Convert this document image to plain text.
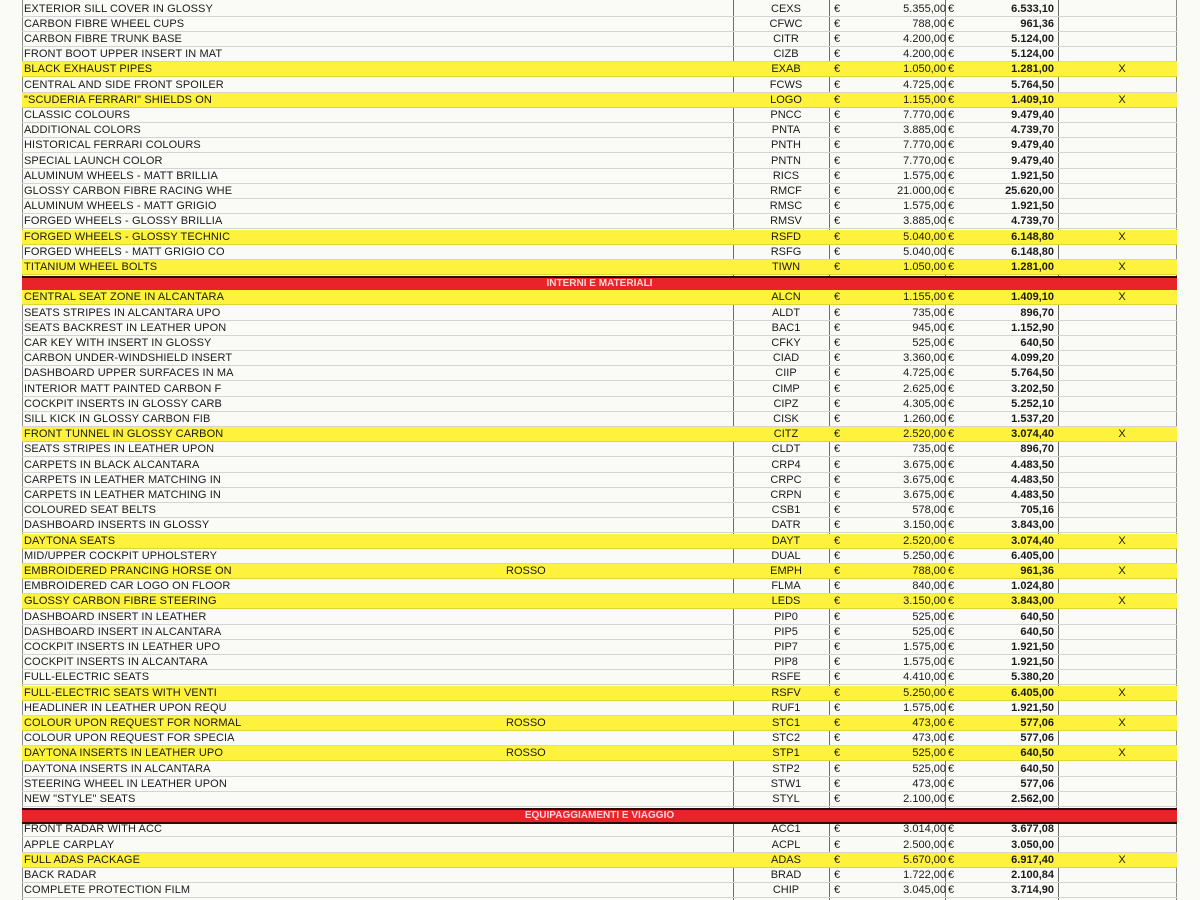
EXTERIOR SILL COVER IN GLOSSY	CEXS	€	5.355,00 €	6.533,10
CARBON FIBRE WHEEL CUPS	CFWC	€	788,00 €	961,36
CARBON FIBRE TRUNK BASE	CITR	€	4.200,00 €	5.124,00
FRONT BOOT UPPER INSERT IN MAT	CIZB	€	4.200,00 €	5.124,00
BLACK EXHAUST PIPES	EXAB	€	1.050,00 €	1.281,00	X
CENTRAL AND SIDE FRONT SPOILER	FCWS	€	4.725,00 €	5.764,50
"SCUDERIA FERRARI" SHIELDS ON	LOGO	€	1.155,00 €	1.409,10	X
CLASSIC COLOURS	PNCC	€	7.770,00 €	9.479,40
ADDITIONAL COLORS	PNTA	€	3.885,00 €	4.739,70
HISTORICAL FERRARI COLOURS	PNTH	€	7.770,00 €	9.479,40
SPECIAL LAUNCH COLOR	PNTN	€	7.770,00 €	9.479,40
ALUMINUM WHEELS - MATT BRILLIA	RICS	€	1.575,00 €	1.921,50
GLOSSY CARBON FIBRE RACING WHE	RMCF	€	21.000,00 €	25.620,00
ALUMINUM WHEELS - MATT GRIGIO	RMSC	€	1.575,00 €	1.921,50
FORGED WHEELS - GLOSSY BRILLIA	RMSV	€	3.885,00 €	4.739,70
FORGED WHEELS - GLOSSY TECHNIC	RSFD	€	5.040,00 €	6.148,80	X
FORGED WHEELS - MATT GRIGIO CO	RSFG	€	5.040,00 €	6.148,80
TITANIUM WHEEL BOLTS	TIWN	€	1.050,00 €	1.281,00	X
INTERNI E MATERIALI
CENTRAL SEAT ZONE IN ALCANTARA	ALCN	€	1.155,00 €	1.409,10	X
SEATS STRIPES IN ALCANTARA UPO	ALDT	€	735,00 €	896,70
SEATS BACKREST IN LEATHER UPON	BAC1	€	945,00 €	1.152,90
CAR KEY WITH INSERT IN GLOSSY	CFKY	€	525,00 €	640,50
CARBON UNDER-WINDSHIELD INSERT	CIAD	€	3.360,00 €	4.099,20
DASHBOARD UPPER SURFACES IN MA	CIIP	€	4.725,00 €	5.764,50
INTERIOR MATT PAINTED CARBON F	CIMP	€	2.625,00 €	3.202,50
COCKPIT INSERTS IN GLOSSY CARB	CIPZ	€	4.305,00 €	5.252,10
SILL KICK IN GLOSSY CARBON FIB	CISK	€	1.260,00 €	1.537,20
FRONT TUNNEL IN GLOSSY CARBON	CITZ	€	2.520,00 €	3.074,40	X
SEATS STRIPES IN LEATHER UPON	CLDT	€	735,00 €	896,70
CARPETS IN BLACK ALCANTARA	CRP4	€	3.675,00 €	4.483,50
CARPETS IN LEATHER MATCHING IN	CRPC	€	3.675,00 €	4.483,50
CARPETS IN LEATHER MATCHING IN	CRPN	€	3.675,00 €	4.483,50
COLOURED SEAT BELTS	CSB1	€	578,00 €	705,16
DASHBOARD INSERTS IN GLOSSY	DATR	€	3.150,00 €	3.843,00
DAYTONA SEATS	DAYT	€	2.520,00 €	3.074,40	X
MID/UPPER COCKPIT UPHOLSTERY	DUAL	€	5.250,00 €	6.405,00
EMBROIDERED PRANCING HORSE ON	ROSSO	EMPH	€	788,00 €	961,36	X
EMBROIDERED CAR LOGO ON FLOOR	FLMA	€	840,00 €	1.024,80
GLOSSY CARBON FIBRE STEERING	LEDS	€	3.150,00 €	3.843,00	X
DASHBOARD INSERT IN LEATHER	PIP0	€	525,00 €	640,50
DASHBOARD INSERT IN ALCANTARA	PIP5	€	525,00 €	640,50
COCKPIT INSERTS IN LEATHER UPO	PIP7	€	1.575,00 €	1.921,50
COCKPIT INSERTS IN ALCANTARA	PIP8	€	1.575,00 €	1.921,50
FULL-ELECTRIC SEATS	RSFE	€	4.410,00 €	5.380,20
FULL-ELECTRIC SEATS WITH VENTI	RSFV	€	5.250,00 €	6.405,00	X
HEADLINER IN LEATHER UPON REQU	RUF1	€	1.575,00 €	1.921,50
COLOUR UPON REQUEST FOR NORMAL	ROSSO	STC1	€	473,00 €	577,06	X
COLOUR UPON REQUEST FOR SPECIA	STC2	€	473,00 €	577,06
DAYTONA INSERTS IN LEATHER UPO	ROSSO	STP1	€	525,00 €	640,50	X
DAYTONA INSERTS IN ALCANTARA	STP2	€	525,00 €	640,50
STEERING WHEEL IN LEATHER UPON	STW1	€	473,00 €	577,06
NEW "STYLE" SEATS	STYL	€	2.100,00 €	2.562,00
EQUIPAGGIAMENTI E VIAGGIO
FRONT RADAR WITH ACC	ACC1	€	3.014,00 €	3.677,08
APPLE CARPLAY	ACPL	€	2.500,00 €	3.050,00
FULL ADAS PACKAGE	ADAS	€	5.670,00 €	6.917,40	X
BACK RADAR	BRAD	€	1.722,00 €	2.100,84
COMPLETE PROTECTION FILM	CHIP	€	3.045,00 €	3.714,90
